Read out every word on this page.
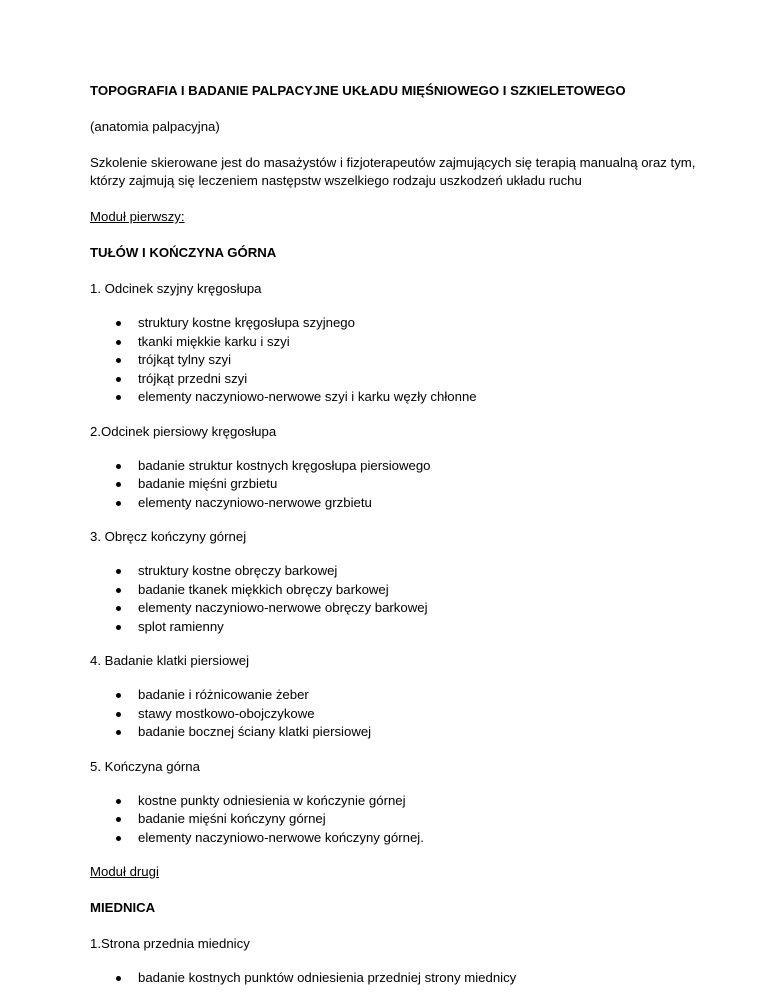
TOPOGRAFIA I BADANIE PALPACYJNE UKŁADU MIĘŚNIOWEGO I SZKIELETOWEGO

(anatomia palpacyjna)

Szkolenie skierowane jest do masażystów i fizjoterapeutów zajmujących się terapią manualną oraz tym, którzy zajmują się leczeniem następstw wszelkiego rodzaju uszkodzeń układu ruchu

Moduł pierwszy:

TUŁÓW I KOŃCZYNA GÓRNA

1. Odcinek szyjny kręgosłupa

struktury kostne kręgosłupa szyjnego
tkanki miękkie karku i szyi
trójkąt tylny szyi
trójkąt przedni szyi
elementy naczyniowo-nerwowe szyi i karku węzły chłonne

2.Odcinek piersiowy kręgosłupa

badanie struktur kostnych kręgosłupa piersiowego
badanie mięśni grzbietu
elementy naczyniowo-nerwowe grzbietu

3. Obręcz kończyny górnej

struktury kostne obręczy barkowej
badanie tkanek miękkich obręczy barkowej
elementy naczyniowo-nerwowe obręczy barkowej
splot ramienny

4. Badanie klatki piersiowej

badanie i różnicowanie żeber
stawy mostkowo-obojczykowe
badanie bocznej ściany klatki piersiowej

5. Kończyna górna

kostne punkty odniesienia w kończynie górnej
badanie mięśni kończyny górnej
elementy naczyniowo-nerwowe kończyny górnej.

Moduł drugi

MIEDNICA

1.Strona przednia miednicy

badanie kostnych punktów odniesienia przedniej strony miednicy
